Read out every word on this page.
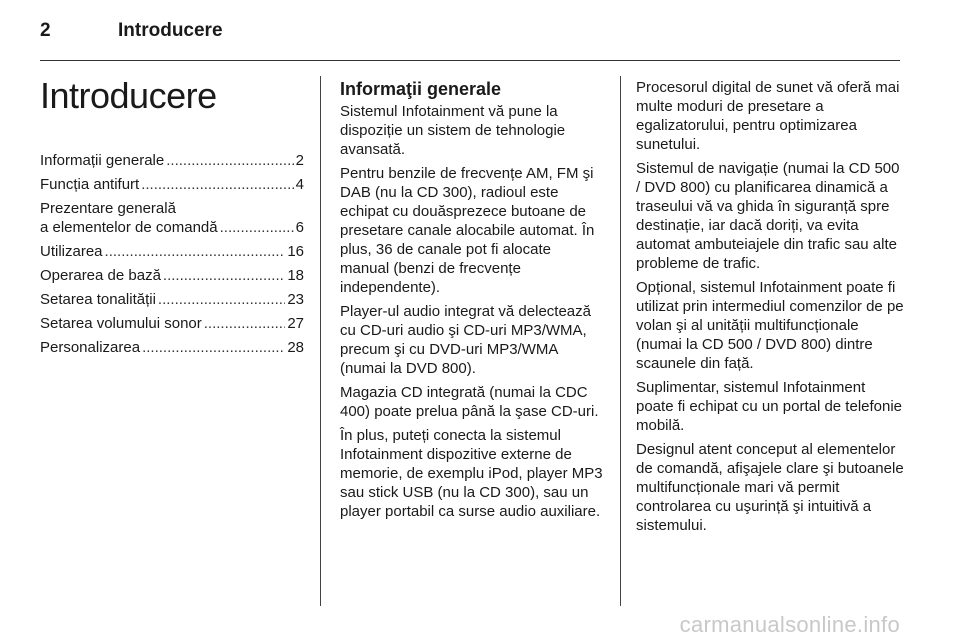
2	Introducere
Introducere
Informații generale .....	2
Funcția antifurt .....	4
Prezentare generală
a elementelor de comandă .....	6
Utilizarea .....	16
Operarea de bază .....	18
Setarea tonalității .....	23
Setarea volumului sonor .....	27
Personalizarea .....	28
Informaţii generale

Sistemul Infotainment vă pune la dispoziție un sistem de tehnologie avansată.

Pentru benzile de frecvențe AM, FM şi DAB (nu la CD 300), radioul este echipat cu douăsprezece butoane de presetare canale alocabile automat. În plus, 36 de canale pot fi alocate manual (benzi de frecvențe independente).

Player-ul audio integrat vă delectează cu CD-uri audio şi CD-uri MP3/WMA, precum şi cu DVD-uri MP3/WMA (numai la DVD 800).

Magazia CD integrată (numai la CDC 400) poate prelua până la şase CD-uri.

În plus, puteți conecta la sistemul Infotainment dispozitive externe de memorie, de exemplu iPod, player MP3 sau stick USB (nu la CD 300), sau un player portabil ca surse audio auxiliare.

Procesorul digital de sunet vă oferă mai multe moduri de presetare a egalizatorului, pentru optimizarea sunetului.

Sistemul de navigație (numai la CD 500 / DVD 800) cu planificarea dinamică a traseului vă va ghida în siguranță spre destinație, iar dacă doriți, va evita automat ambuteiajele din trafic sau alte probleme de trafic.

Opțional, sistemul Infotainment poate fi utilizat prin intermediul comenzilor de pe volan şi al unității multifuncționale (numai la CD 500 / DVD 800) dintre scaunele din față.

Suplimentar, sistemul Infotainment poate fi echipat cu un portal de telefonie mobilă.

Designul atent conceput al elementelor de comandă, afişajele clare şi butoanele multifuncționale mari vă permit controlarea cu uşurință şi intuitivă a sistemului.

carmanualsonline.info
